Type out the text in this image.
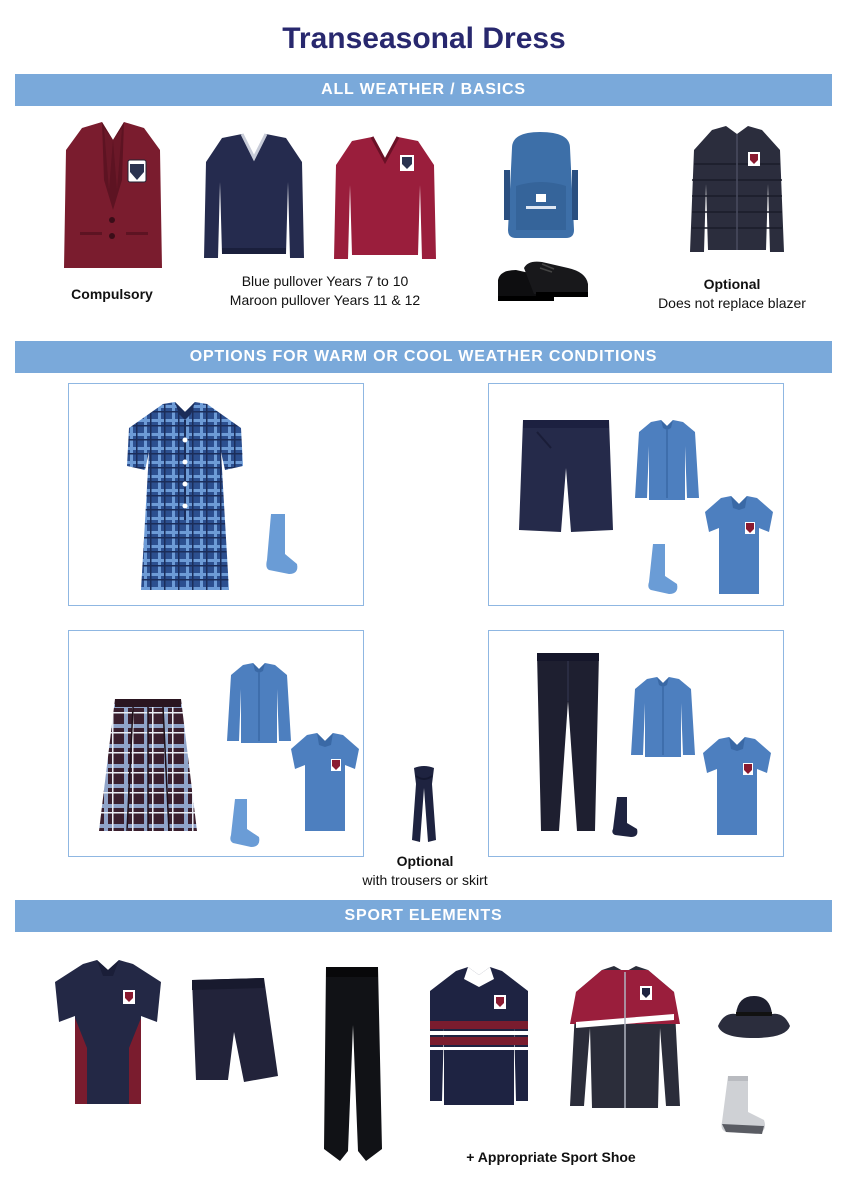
Transeasonal Dress
ALL WEATHER / BASICS
Compulsory
Blue pullover Years 7 to 10
Maroon pullover Years 11 & 12
Optional
Does not replace blazer
OPTIONS FOR WARM OR COOL WEATHER CONDITIONS
Optional
with trousers or skirt
SPORT ELEMENTS
+ Appropriate Sport Shoe
